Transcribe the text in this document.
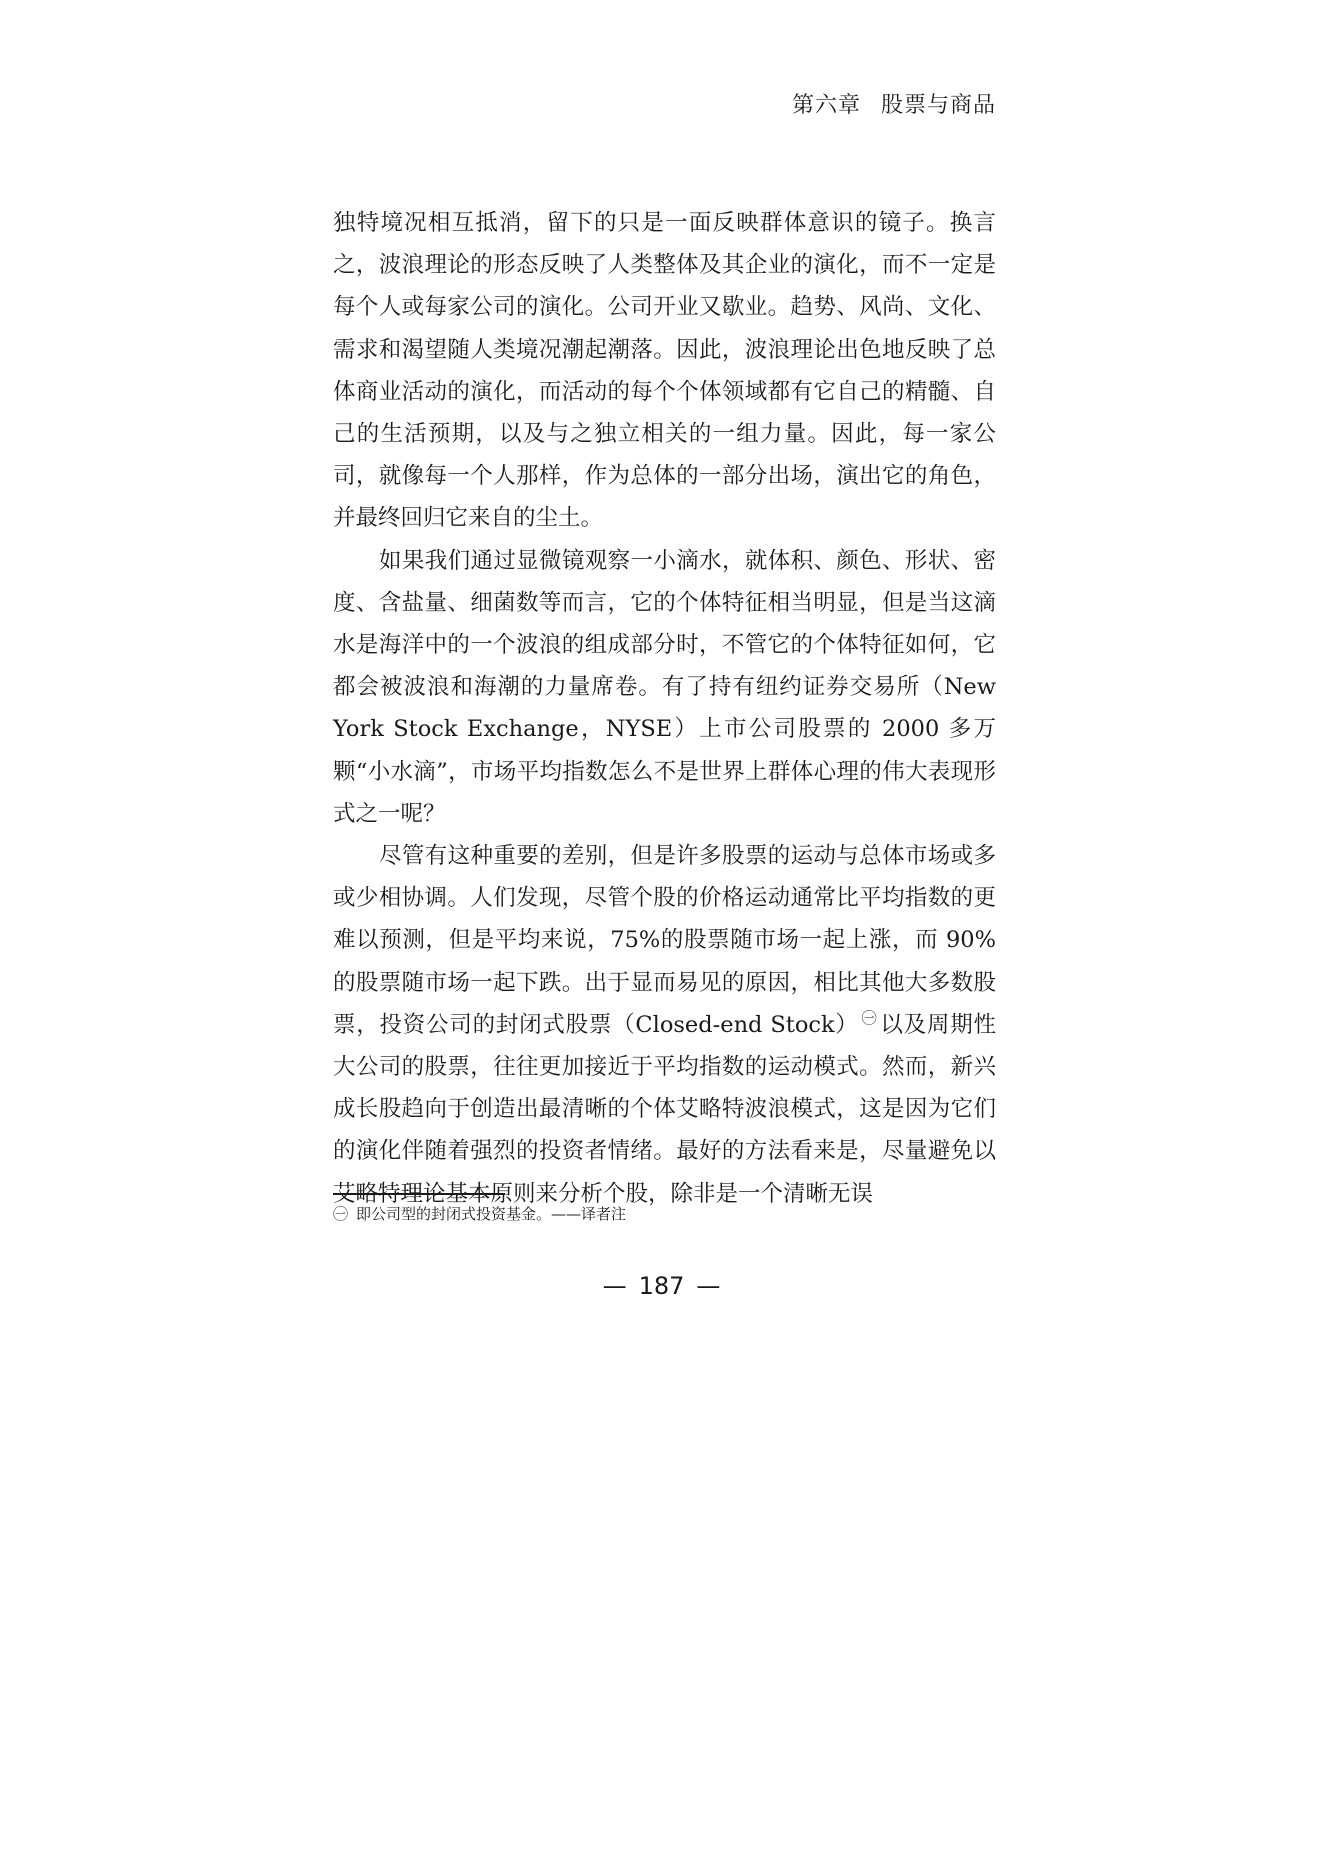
第六章 股票与商品

独特境况相互抵消，留下的只是一面反映群体意识的镜子。换言之，波浪理论的形态反映了人类整体及其企业的演化，而不一定是每个人或每家公司的演化。公司开业又歇业。趋势、风尚、文化、需求和渴望随人类境况潮起潮落。因此，波浪理论出色地反映了总体商业活动的演化，而活动的每个个体领域都有它自己的精髓、自己的生活预期，以及与之独立相关的一组力量。因此，每一家公司，就像每一个人那样，作为总体的一部分出场，演出它的角色，并最终回归它来自的尘土。

如果我们通过显微镜观察一小滴水，就体积、颜色、形状、密度、含盐量、细菌数等而言，它的个体特征相当明显，但是当这滴水是海洋中的一个波浪的组成部分时，不管它的个体特征如何，它都会被波浪和海潮的力量席卷。有了持有纽约证券交易所（New York Stock Exchange，NYSE）上市公司股票的 2000 多万颗“小水滴”，市场平均指数怎么不是世界上群体心理的伟大表现形式之一呢？

尽管有这种重要的差别，但是许多股票的运动与总体市场或多或少相协调。人们发现，尽管个股的价格运动通常比平均指数的更难以预测，但是平均来说，75%的股票随市场一起上涨，而 90%的股票随市场一起下跌。出于显而易见的原因，相比其他大多数股票，投资公司的封闭式股票（Closed-end Stock） $^㊀$ 以及周期性大公司的股票，往往更加接近于平均指数的运动模式。然而，新兴成长股趋向于创造出最清晰的个体艾略特波浪模式，这是因为它们的演化伴随着强烈的投资者情绪。最好的方法看来是，尽量避免以艾略特理论基本原则来分析个股，除非是一个清晰无误

㊀ 即公司型的封闭式投资基金。——译者注
— 187 —
